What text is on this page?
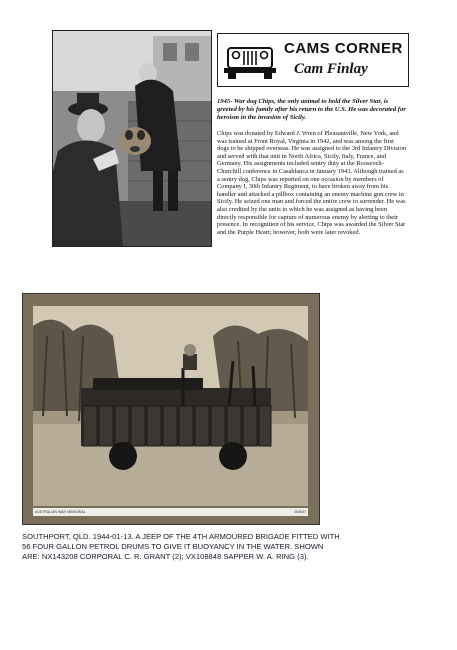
CAMS CORNER
Cam Finlay

1945- War dog Chips, the only animal to hold the Silver Star, is greeted by his family after his return to the U.S. He was decorated for heroism in the invasion of Sicily.

Chips was donated by Edward J. Wren of Pleasantville, New York, and was trained at Front Royal, Virginia in 1942, and was among the first dogs to be shipped overseas. He was assigned to the 3rd Infantry Division and served with that unit in North Africa, Sicily, Italy, France, and Germany. His assignments included sentry duty at the Roosevelt-Churchill conference in Casablanca in January 1943. Although trained as a sentry dog, Chips was reported on one occasion by members of Company I, 30th Infantry Regiment, to have broken away from his handler and attacked a pillbox containing an enemy machine gun crew in Sicily. He seized one man and forced the entire crew to surrender. He was also credited by the units to which he was assigned as having been directly responsible for capture of numerous enemy by alerting to their presence. In recognition of his service, Chips was awarded the Silver Star and the Purple Heart; however, both were later revoked.

AUSTRALIAN WAR MEMORIAL	063937

SOUTHPORT, QLD. 1944-01-13. A JEEP OF THE 4TH ARMOURED BRIGADE FITTED WITH 56 FOUR GALLON PETROL DRUMS TO GIVE IT BUOYANCY IN THE WATER. SHOWN ARE: NX143208 CORPORAL C. R. GRANT (2); VX108848 SAPPER W. A. RING (3).
